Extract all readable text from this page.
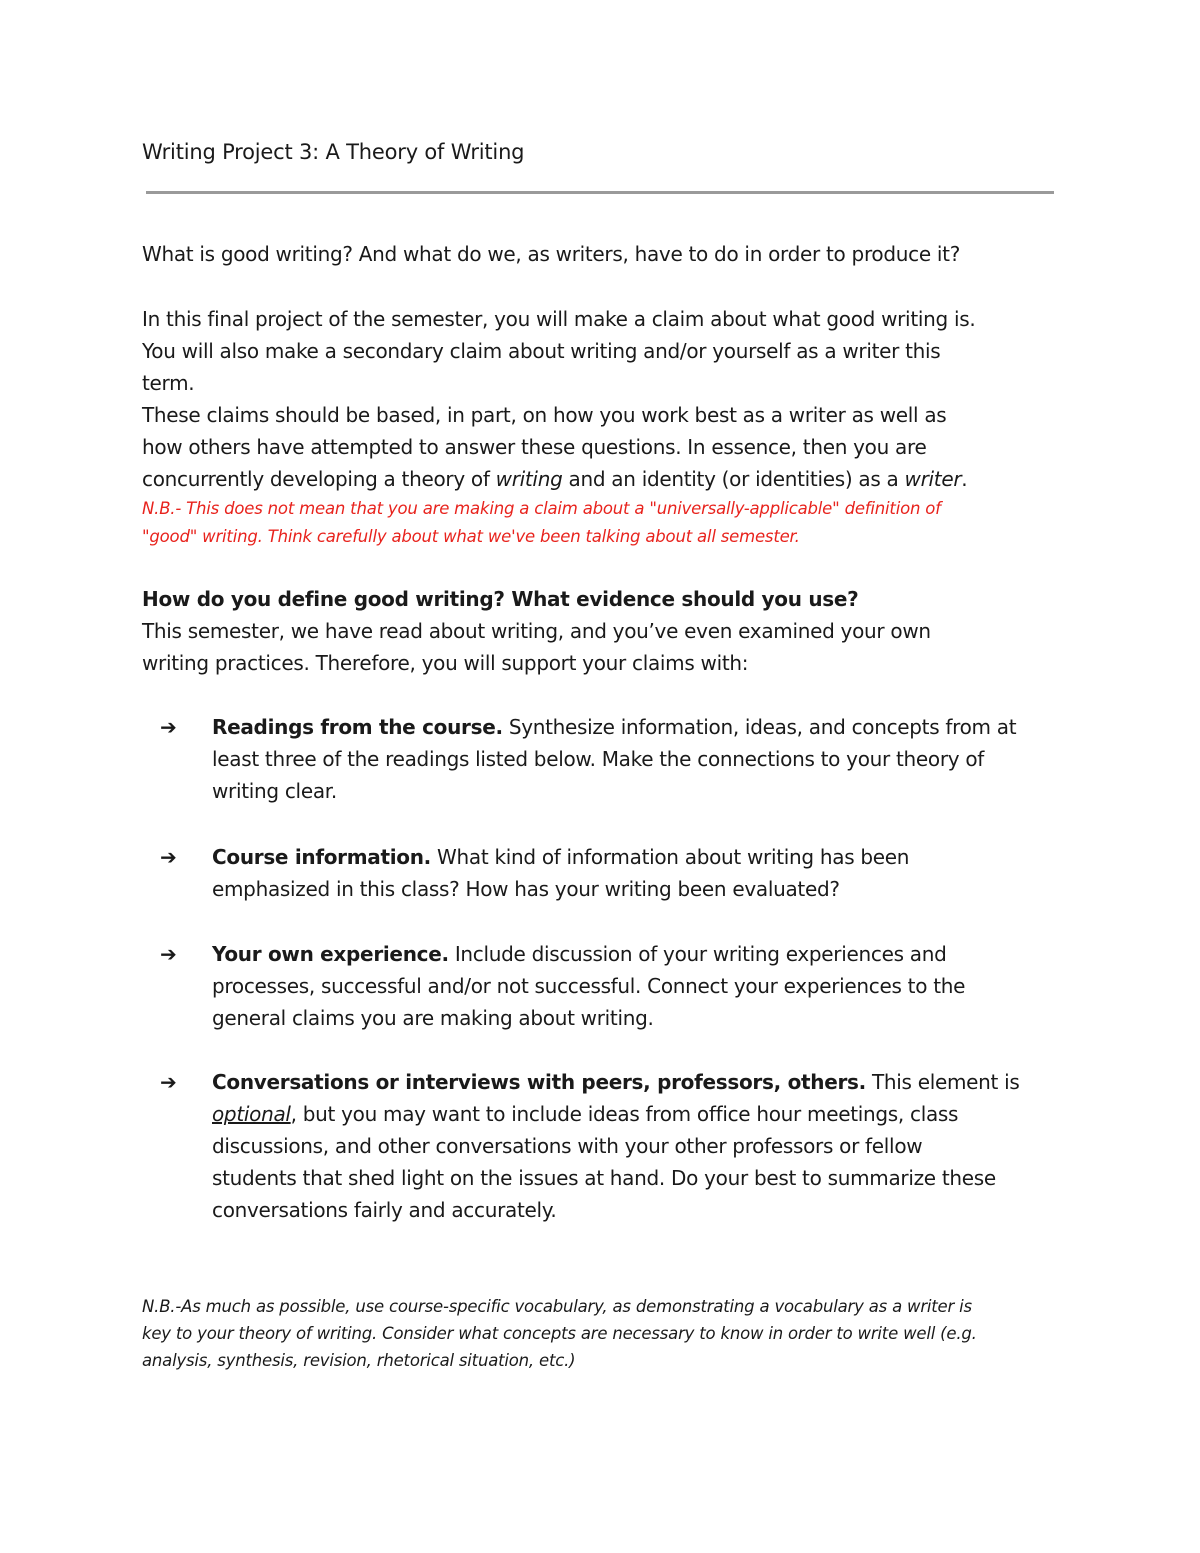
Writing Project 3: A Theory of Writing

What is good writing? And what do we, as writers, have to do in order to produce it?

In this final project of the semester, you will make a claim about what good writing is.
You will also make a secondary claim about writing and/or yourself as a writer this
term.

These claims should be based, in part, on how you work best as a writer as well as
how others have attempted to answer these questions. In essence, then you are
concurrently developing a theory of writing and an identity (or identities) as a writer.

N.B.- This does not mean that you are making a claim about a "universally-applicable" definition of
"good" writing. Think carefully about what we've been talking about all semester.

How do you define good writing? What evidence should you use?
This semester, we have read about writing, and you’ve even examined your own
writing practices. Therefore, you will support your claims with:

➔ Readings from the course. Synthesize information, ideas, and concepts from at
least three of the readings listed below. Make the connections to your theory of
writing clear.

➔ Course information. What kind of information about writing has been
emphasized in this class? How has your writing been evaluated?

➔ Your own experience. Include discussion of your writing experiences and
processes, successful and/or not successful. Connect your experiences to the
general claims you are making about writing.

➔ Conversations or interviews with peers, professors, others. This element is
optional, but you may want to include ideas from office hour meetings, class
discussions, and other conversations with your other professors or fellow
students that shed light on the issues at hand. Do your best to summarize these
conversations fairly and accurately.

N.B.-As much as possible, use course-specific vocabulary, as demonstrating a vocabulary as a writer is
key to your theory of writing. Consider what concepts are necessary to know in order to write well (e.g.
analysis, synthesis, revision, rhetorical situation, etc.)
